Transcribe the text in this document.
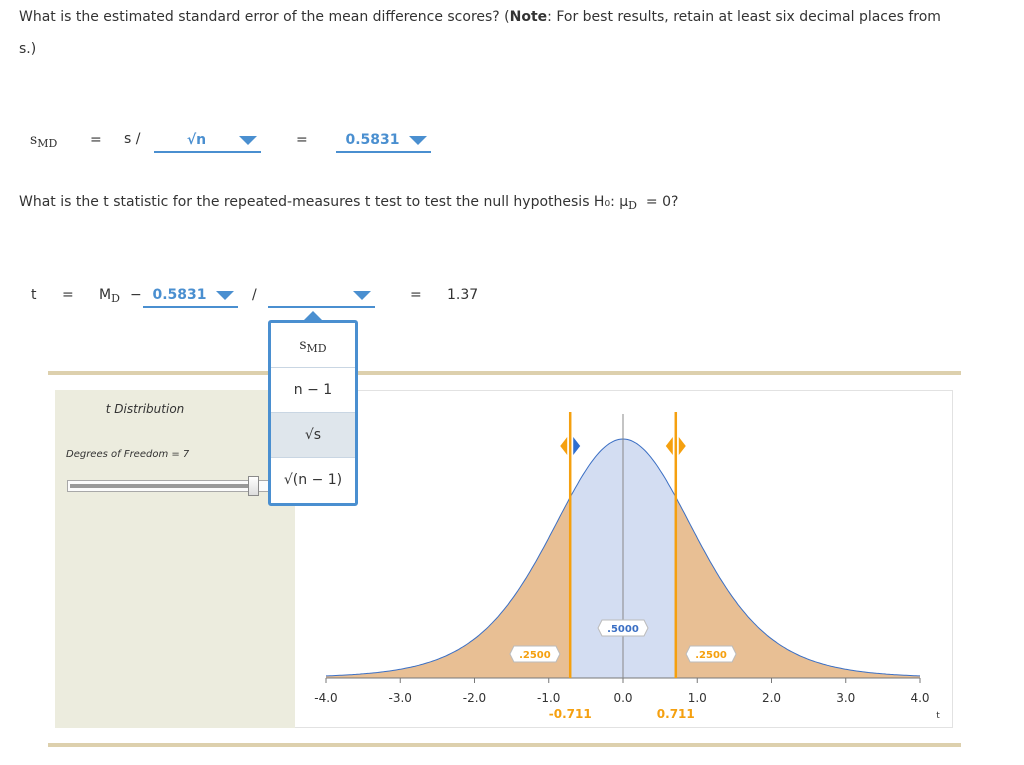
What is the estimated standard error of the mean difference scores? (Note: For best results, retain at least six decimal places from
s.)
$s_{MD} = s$ /	√n	=	0.5831
What is the t statistic for the repeated-measures t test to test the null hypothesis H₀: $\mu_D = 0$?
$t = M_D - 0.5831$	/	= 1.37
t Distribution
Degrees of Freedom = 7
-4.0	-3.0	-2.0	-1.0	0.0	1.0	2.0	3.0	4.0
t
-0.711	0.711
.2500
.5000
.2500
$s_{MD}$
n − 1
√s
√(n − 1)
